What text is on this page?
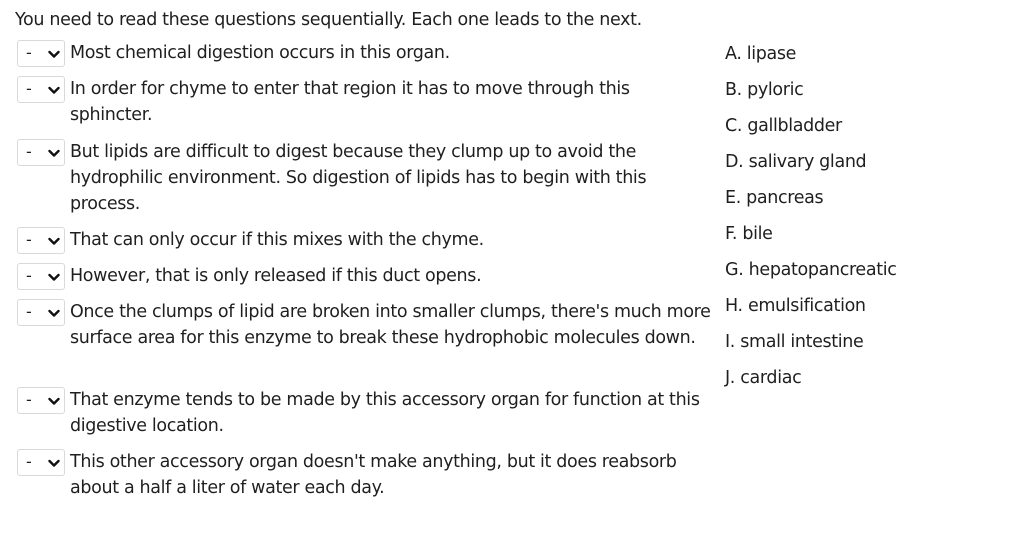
You need to read these questions sequentially. Each one leads to the next.
- Most chemical digestion occurs in this organ.
- In order for chyme to enter that region it has to move through this sphincter.
- But lipids are difficult to digest because they clump up to avoid the hydrophilic environment. So digestion of lipids has to begin with this process.
- That can only occur if this mixes with the chyme.
- However, that is only released if this duct opens.
- Once the clumps of lipid are broken into smaller clumps, there's much more surface area for this enzyme to break these hydrophobic molecules down.
- That enzyme tends to be made by this accessory organ for function at this digestive location.
- This other accessory organ doesn't make anything, but it does reabsorb about a half a liter of water each day.
A. lipase
B. pyloric
C. gallbladder
D. salivary gland
E. pancreas
F. bile
G. hepatopancreatic
H. emulsification
I. small intestine
J. cardiac
